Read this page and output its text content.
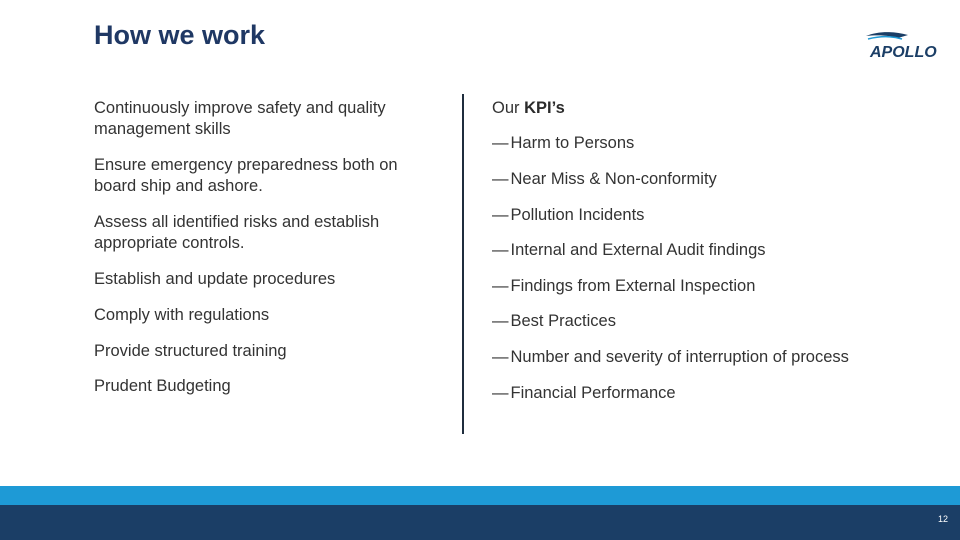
How we work
APOLLO
Continuously improve safety and quality management skills
Ensure emergency preparedness both on board ship and ashore.
Assess all identified risks and establish appropriate controls.
Establish and update procedures
Comply with regulations
Provide structured training
Prudent Budgeting
Our KPI’s
— Harm to Persons
— Near Miss & Non-conformity
— Pollution Incidents
— Internal and External Audit findings
— Findings from External Inspection
— Best Practices
— Number and severity of interruption of process
— Financial Performance
12
